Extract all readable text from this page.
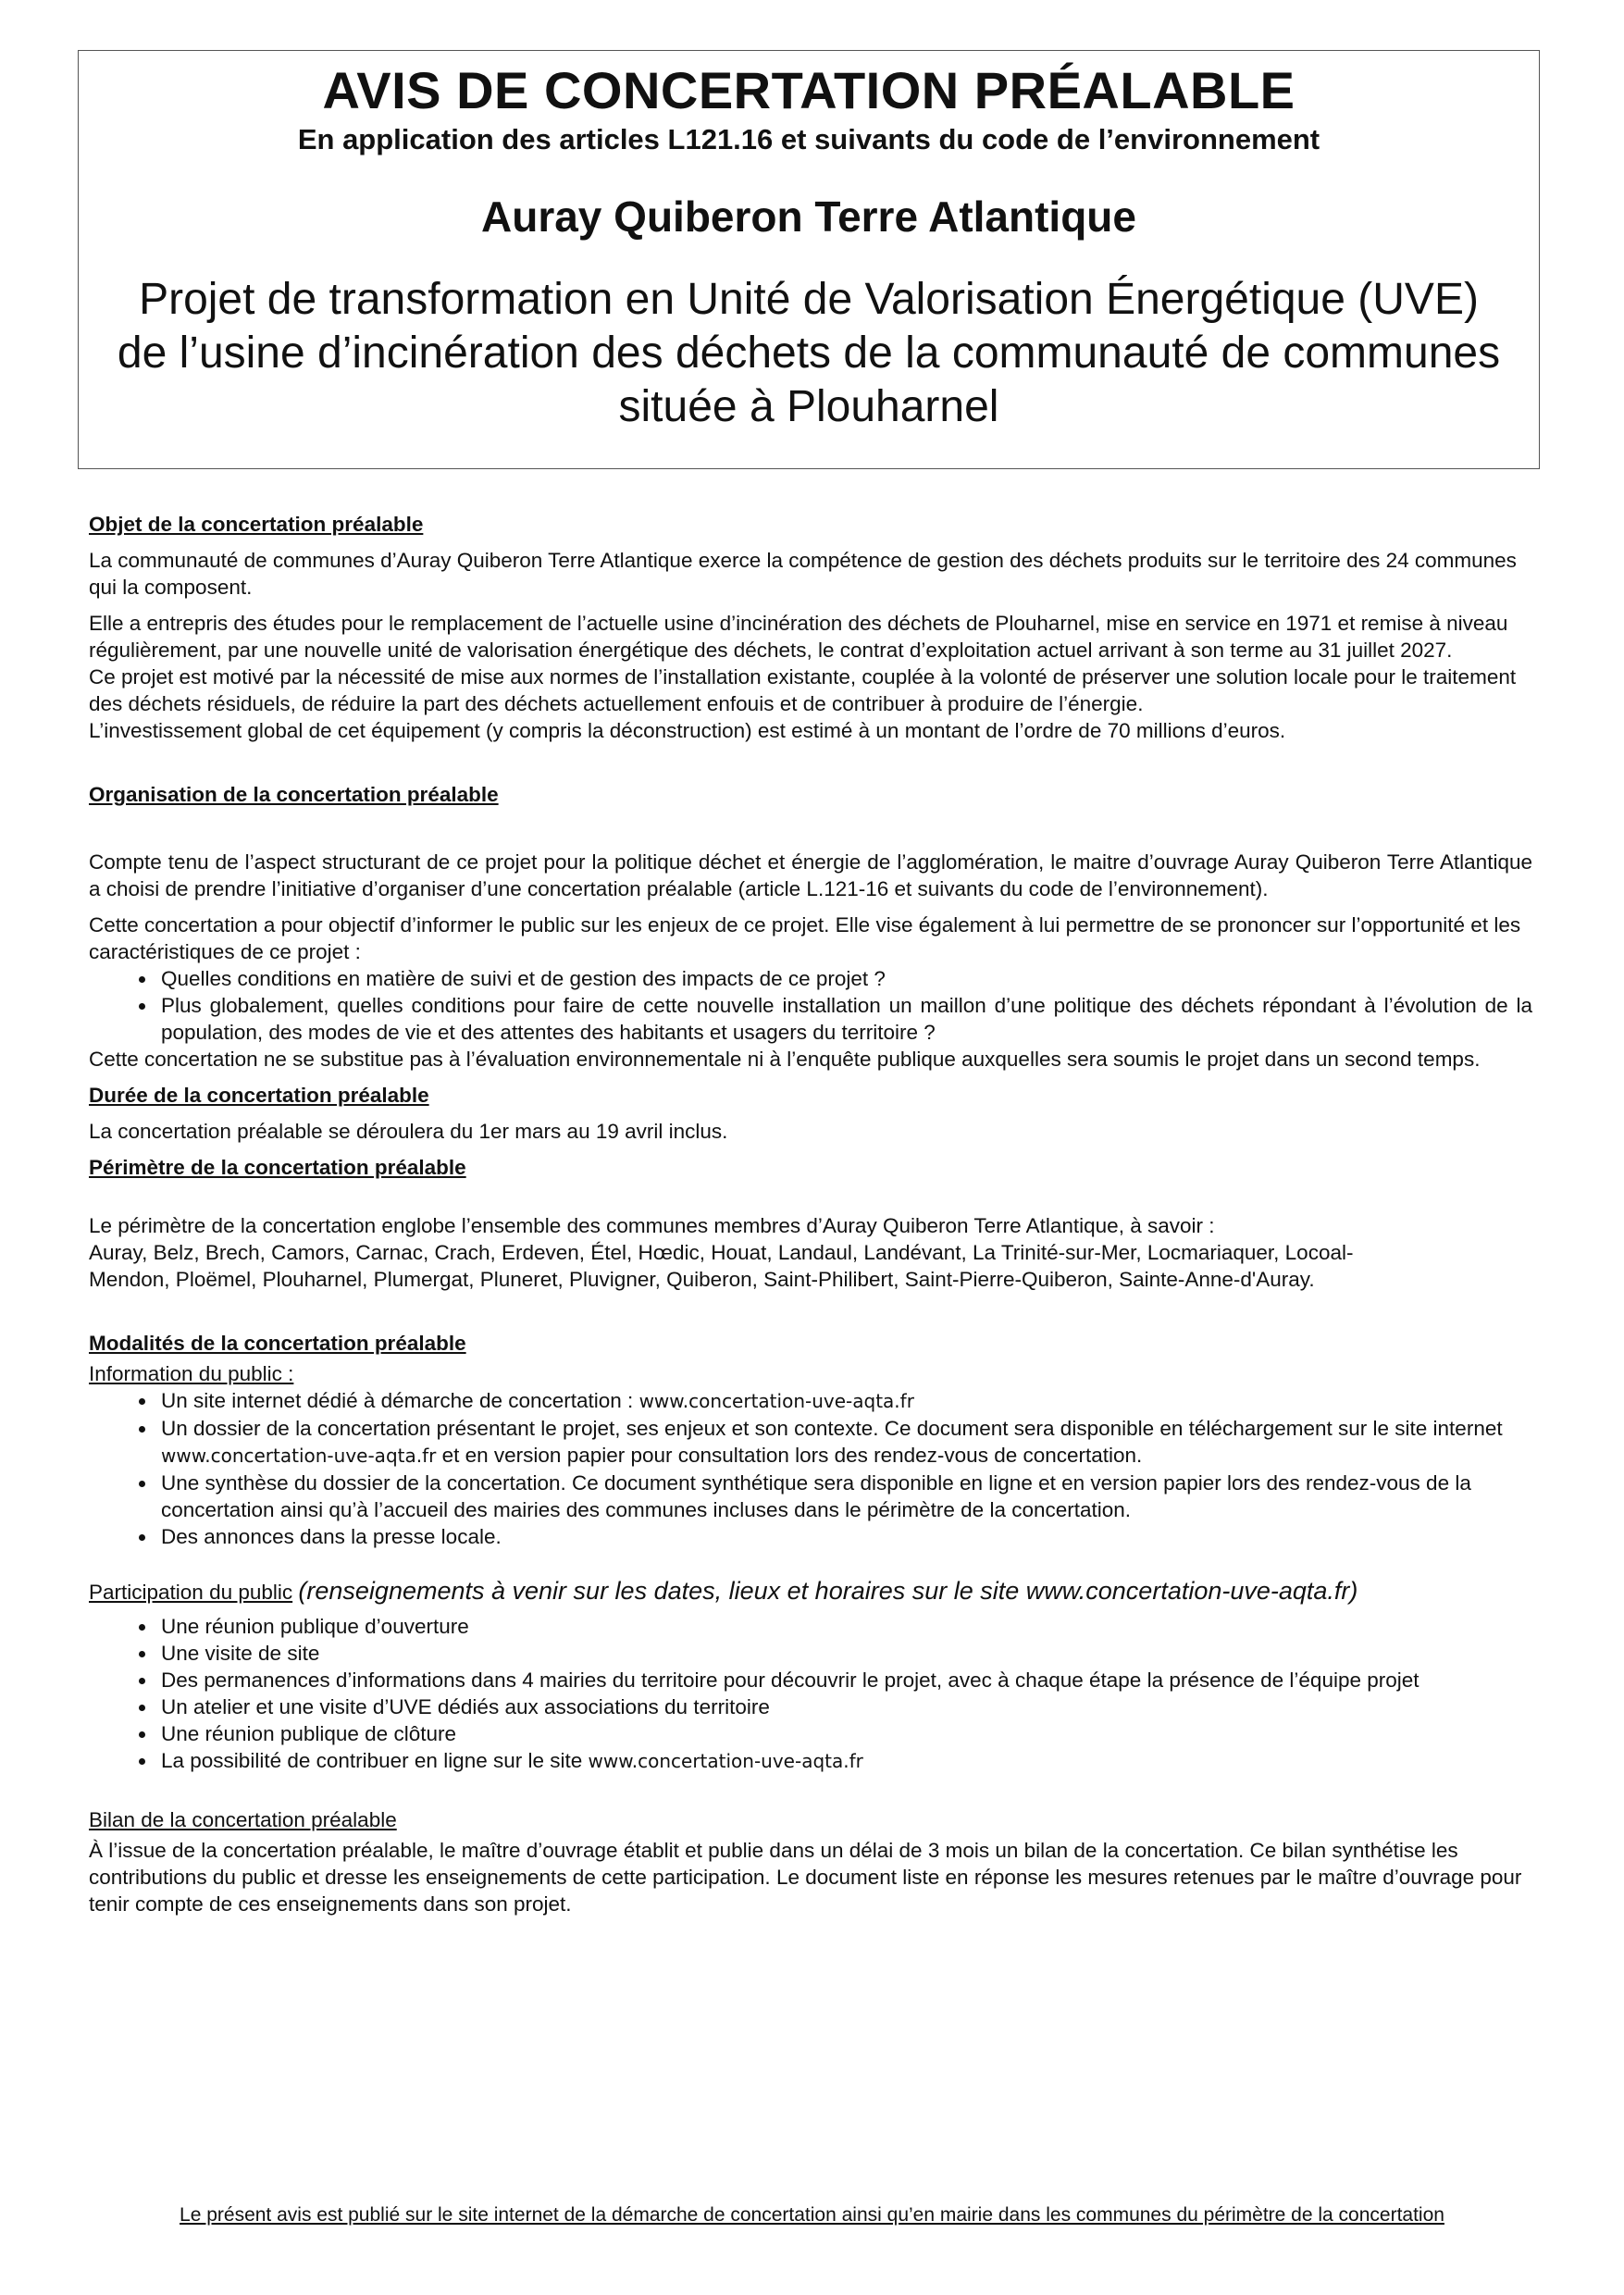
AVIS DE CONCERTATION PRÉALABLE
En application des articles L121.16 et suivants du code de l’environnement
Auray Quiberon Terre Atlantique
Projet de transformation en Unité de Valorisation Énergétique (UVE)
de l’usine d’incinération des déchets de la communauté de communes
située à Plouharnel
Objet de la concertation préalable

La communauté de communes d’Auray Quiberon Terre Atlantique exerce la compétence de gestion des déchets produits sur le territoire des 24 communes qui la composent.

Elle a entrepris des études pour le remplacement de l’actuelle usine d’incinération des déchets de Plouharnel, mise en service en 1971 et remise à niveau régulièrement, par une nouvelle unité de valorisation énergétique des déchets, le contrat d’exploitation actuel arrivant à son terme au 31 juillet 2027.

Ce projet est motivé par la nécessité de mise aux normes de l’installation existante, couplée à la volonté de préserver une solution locale pour le traitement des déchets résiduels, de réduire la part des déchets actuellement enfouis et de contribuer à produire de l’énergie.

L’investissement global de cet équipement (y compris la déconstruction) est estimé à un montant de l’ordre de 70 millions d’euros.

Organisation de la concertation préalable

Compte tenu de l’aspect structurant de ce projet pour la politique déchet et énergie de l’agglomération, le maitre d’ouvrage Auray Quiberon Terre Atlantique a choisi de prendre l’initiative d’organiser d’une concertation préalable (article L.121-16 et suivants du code de l’environnement).

Cette concertation a pour objectif d’informer le public sur les enjeux de ce projet. Elle vise également à lui permettre de se prononcer sur l’opportunité et les caractéristiques de ce projet :

• Quelles conditions en matière de suivi et de gestion des impacts de ce projet ?
• Plus globalement, quelles conditions pour faire de cette nouvelle installation un maillon d’une politique des déchets répondant à l’évolution de la population, des modes de vie et des attentes des habitants et usagers du territoire ?

Cette concertation ne se substitue pas à l’évaluation environnementale ni à l’enquête publique auxquelles sera soumis le projet dans un second temps.

Durée de la concertation préalable

La concertation préalable se déroulera du 1er mars au 19 avril inclus.

Périmètre de la concertation préalable

Le périmètre de la concertation englobe l’ensemble des communes membres d’Auray Quiberon Terre Atlantique, à savoir :

Auray, Belz, Brech, Camors, Carnac, Crach, Erdeven, Étel, Hœdic, Houat, Landaul, Landévant, La Trinité-sur-Mer, Locmariaquer, Locoal-
Mendon, Ploëmel, Plouharnel, Plumergat, Pluneret, Pluvigner, Quiberon, Saint-Philibert, Saint-Pierre-Quiberon, Sainte-Anne-d'Auray.

Modalités de la concertation préalable
Information du public :
• Un site internet dédié à démarche de concertation : www.concertation-uve-aqta.fr
• Un dossier de la concertation présentant le projet, ses enjeux et son contexte. Ce document sera disponible en téléchargement sur le site internet www.concertation-uve-aqta.fr et en version papier pour consultation lors des rendez-vous de concertation.
• Une synthèse du dossier de la concertation. Ce document synthétique sera disponible en ligne et en version papier lors des rendez-vous de la concertation ainsi qu’à l’accueil des mairies des communes incluses dans le périmètre de la concertation.
• Des annonces dans la presse locale.

Participation du public (renseignements à venir sur les dates, lieux et horaires sur le site www.concertation-uve-aqta.fr)

• Une réunion publique d’ouverture
• Une visite de site
• Des permanences d’informations dans 4 mairies du territoire pour découvrir le projet, avec à chaque étape la présence de l’équipe projet
• Un atelier et une visite d’UVE dédiés aux associations du territoire
• Une réunion publique de clôture
• La possibilité de contribuer en ligne sur le site www.concertation-uve-aqta.fr
Bilan de la concertation préalable

À l’issue de la concertation préalable, le maître d’ouvrage établit et publie dans un délai de 3 mois un bilan de la concertation. Ce bilan synthétise les contributions du public et dresse les enseignements de cette participation. Le document liste en réponse les mesures retenues par le maître d’ouvrage pour tenir compte de ces enseignements dans son projet.

Le présent avis est publié sur le site internet de la démarche de concertation ainsi qu’en mairie dans les communes du périmètre de la concertation
